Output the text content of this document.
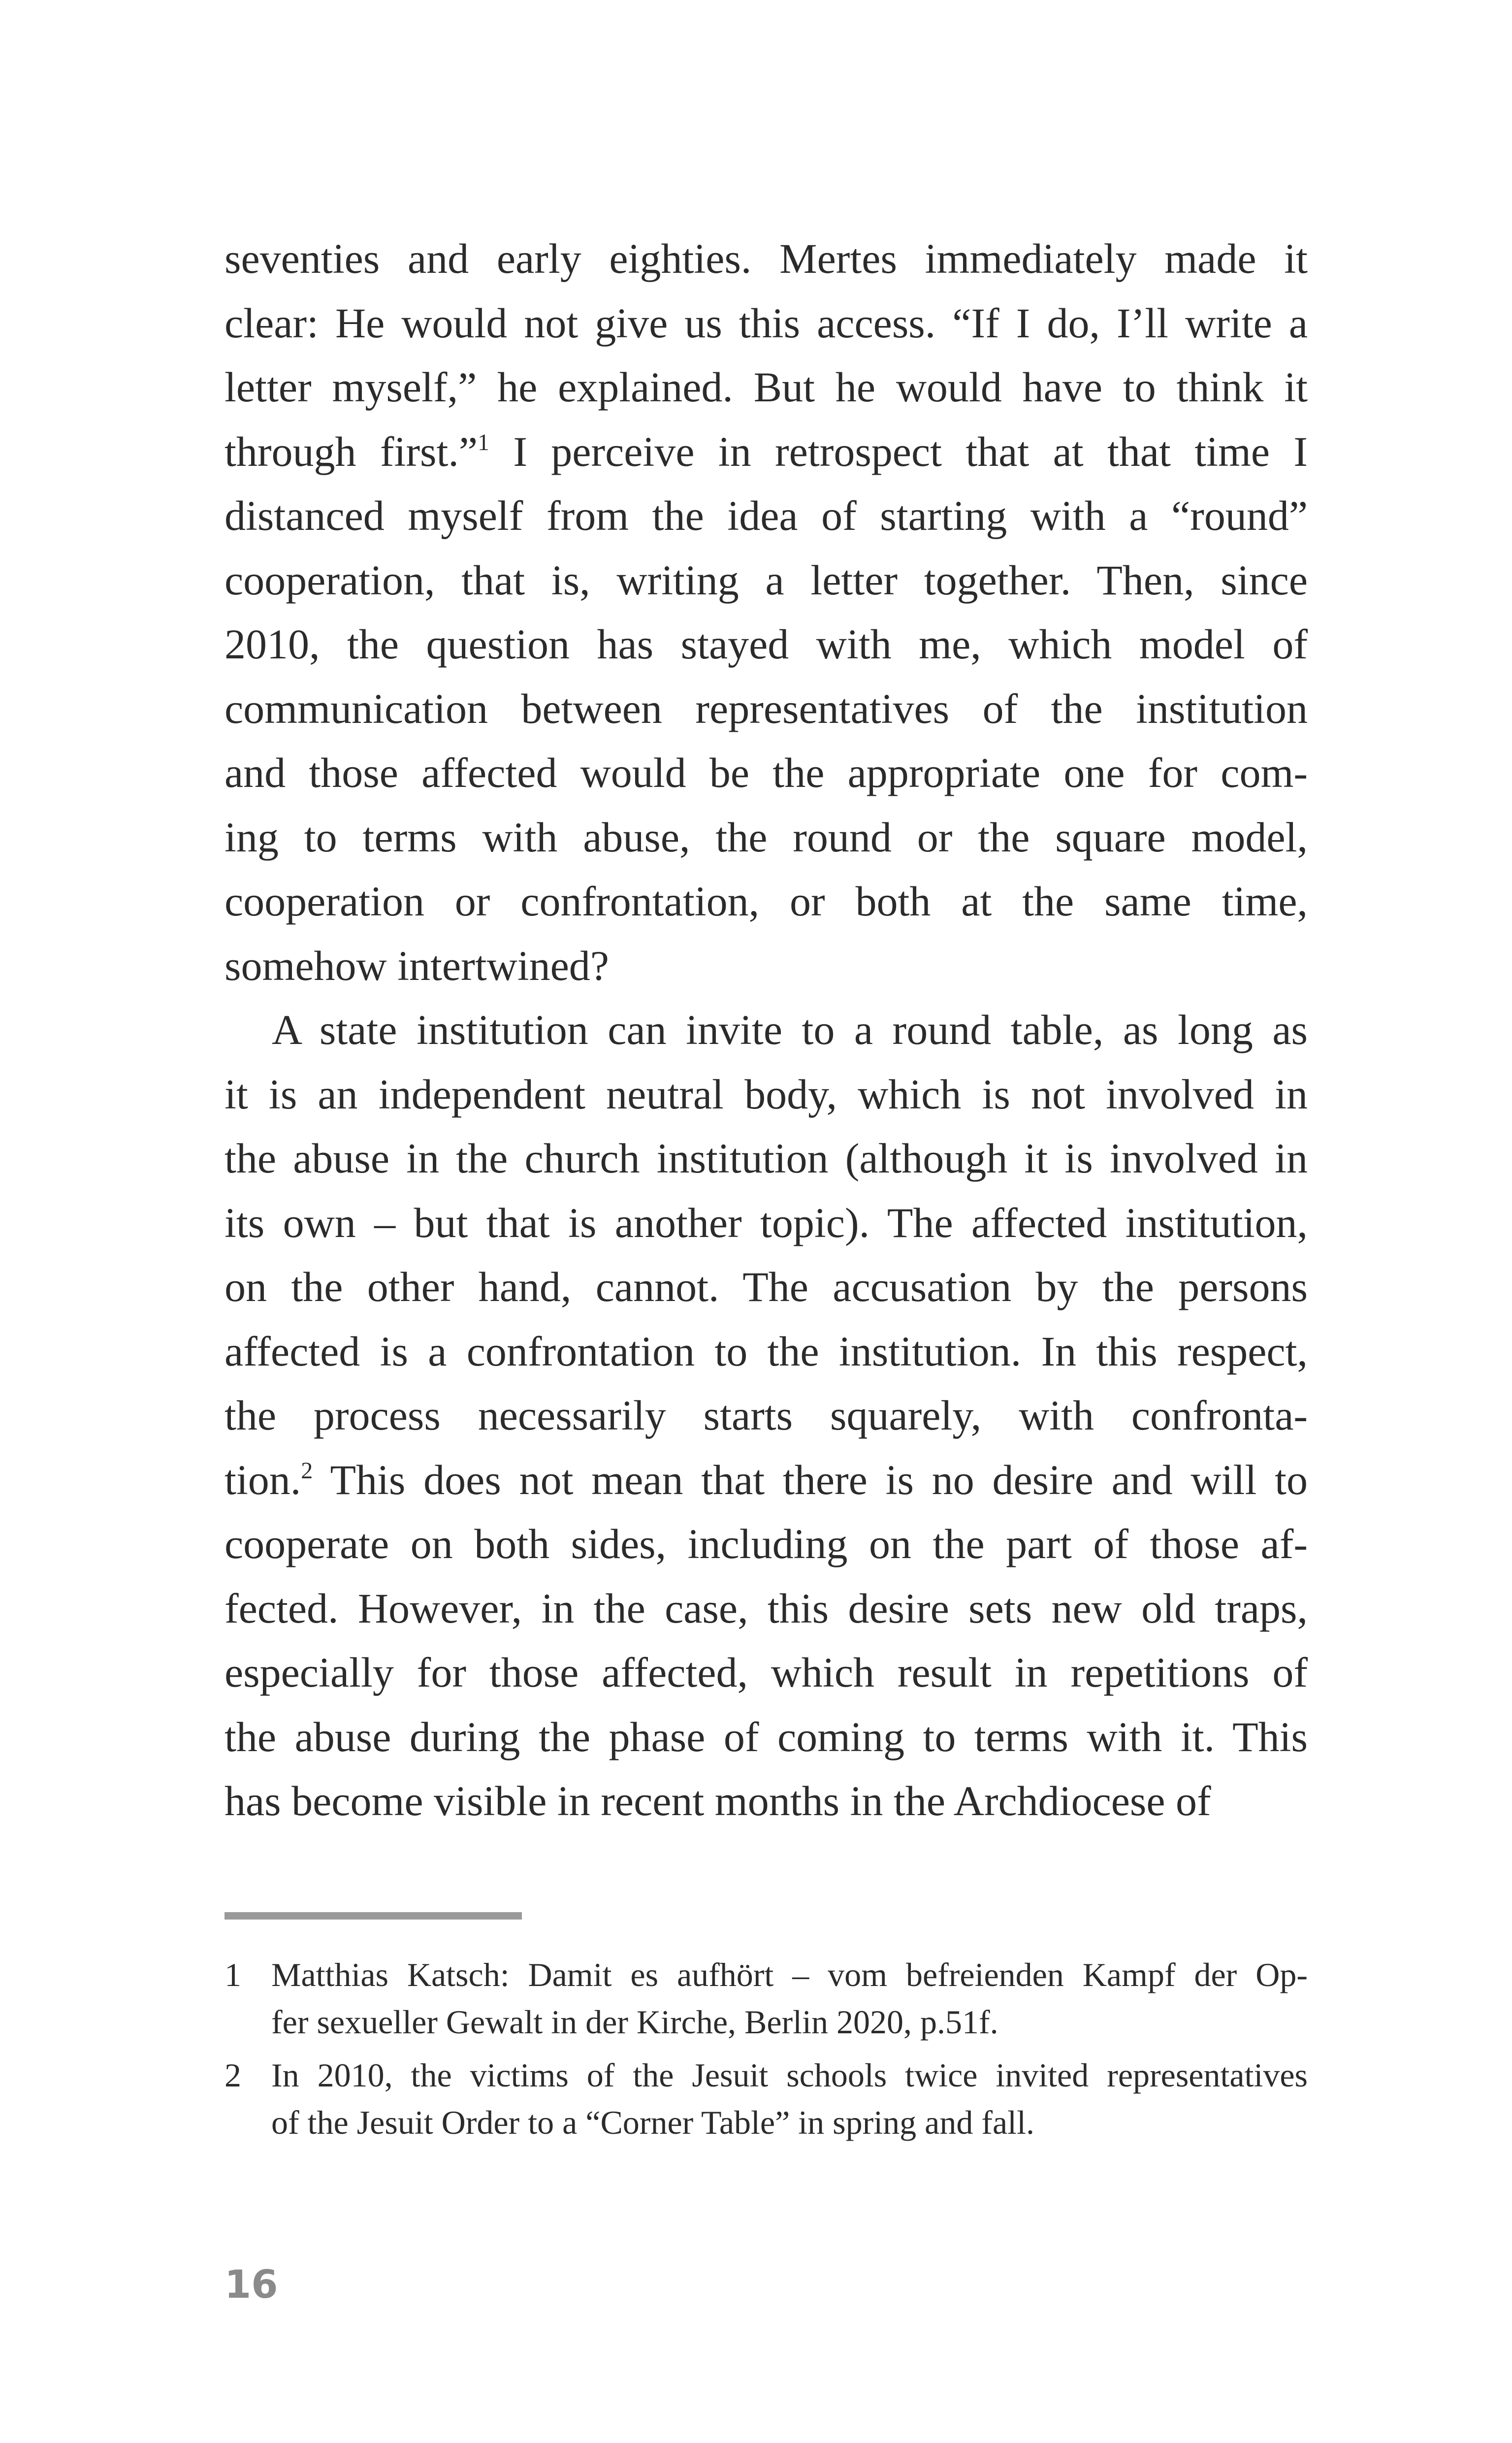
seventies and early eighties. Mertes immediately made it
clear: He would not give us this access. “If I do, I’ll write a
letter myself,” he explained. But he would have to think it
through first.”$^1$ I perceive in retrospect that at that time I
distanced myself from the idea of starting with a “round”
cooperation, that is, writing a letter together. Then, since
2010, the question has stayed with me, which model of
communication between representatives of the institution
and those affected would be the appropriate one for com-
ing to terms with abuse, the round or the square model,
cooperation or confrontation, or both at the same time,
somehow intertwined?
A state institution can invite to a round table, as long as
it is an independent neutral body, which is not involved in
the abuse in the church institution (although it is involved in
its own – but that is another topic). The affected institution,
on the other hand, cannot. The accusation by the persons
affected is a confrontation to the institution. In this respect,
the process necessarily starts squarely, with confronta-
tion.$^2$ This does not mean that there is no desire and will to
cooperate on both sides, including on the part of those af-
fected. However, in the case, this desire sets new old traps,
especially for those affected, which result in repetitions of
the abuse during the phase of coming to terms with it. This
has become visible in recent months in the Archdiocese of
1 Matthias Katsch: Damit es aufhört – vom befreienden Kampf der Op-
fer sexueller Gewalt in der Kirche, Berlin 2020, p.51f.
2 In 2010, the victims of the Jesuit schools twice invited representatives
of the Jesuit Order to a “Corner Table” in spring and fall.
16
